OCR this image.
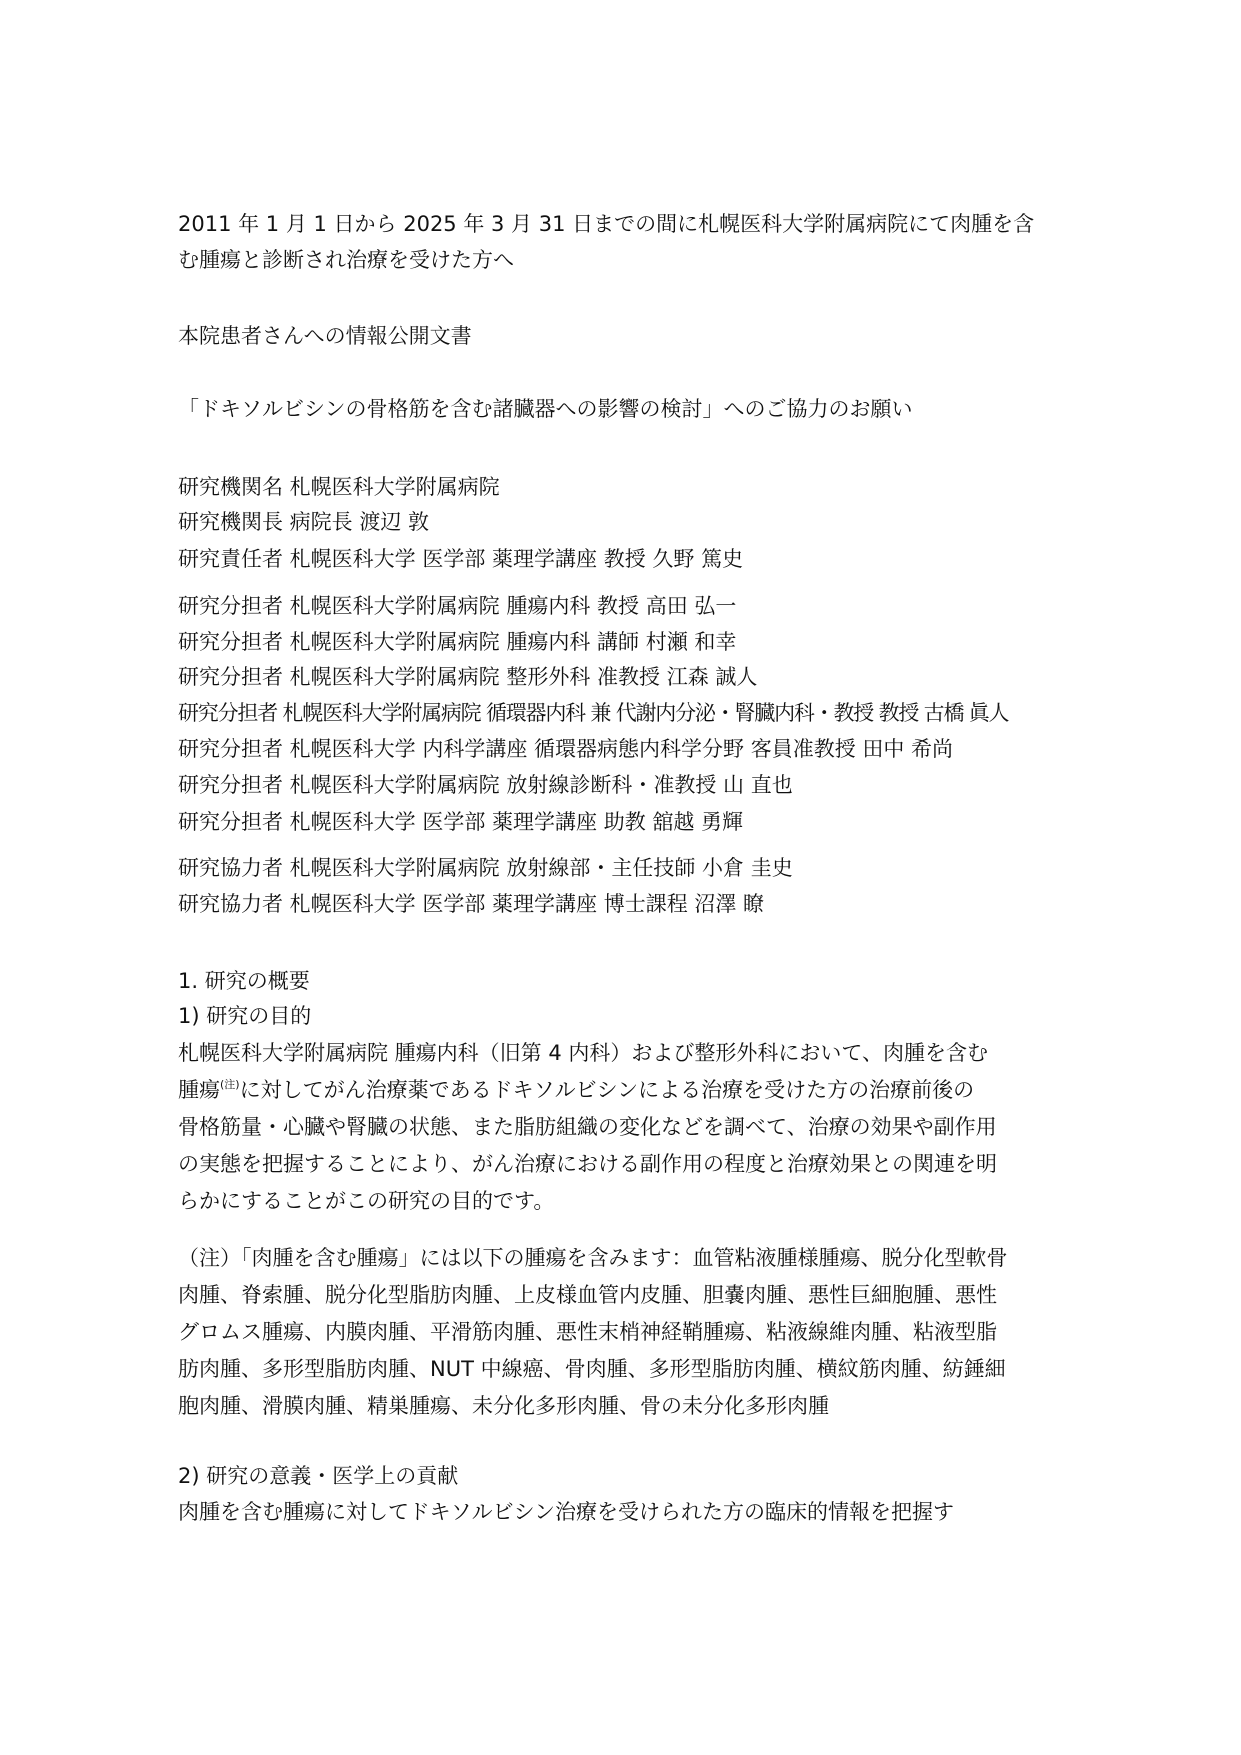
2011 年 1 月 1 日から 2025 年 3 月 31 日までの間に札幌医科大学附属病院にて肉腫を含
む腫瘍と診断され治療を受けた方へ
本院患者さんへの情報公開文書
「ドキソルビシンの骨格筋を含む諸臓器への影響の検討」へのご協力のお願い
研究機関名 札幌医科大学附属病院
研究機関長 病院長 渡辺 敦
研究責任者 札幌医科大学 医学部 薬理学講座 教授 久野 篤史
研究分担者 札幌医科大学附属病院 腫瘍内科 教授 高田 弘一
研究分担者 札幌医科大学附属病院 腫瘍内科 講師 村瀬 和幸
研究分担者 札幌医科大学附属病院 整形外科 准教授 江森 誠人
研究分担者 札幌医科大学附属病院 循環器内科 兼 代謝内分泌・腎臓内科・教授 教授 古橋 眞人
研究分担者 札幌医科大学 内科学講座 循環器病態内科学分野 客員准教授 田中 希尚
研究分担者 札幌医科大学附属病院 放射線診断科・准教授 山 直也
研究分担者 札幌医科大学 医学部 薬理学講座 助教 舘越 勇輝
研究協力者 札幌医科大学附属病院 放射線部・主任技師 小倉 圭史
研究協力者 札幌医科大学 医学部 薬理学講座 博士課程 沼澤 瞭
1. 研究の概要
1) 研究の目的
札幌医科大学附属病院 腫瘍内科（旧第 4 内科）および整形外科において、肉腫を含む
腫瘍$^{(注)}$に対してがん治療薬であるドキソルビシンによる治療を受けた方の治療前後の
骨格筋量・心臓や腎臓の状態、また脂肪組織の変化などを調べて、治療の効果や副作用
の実態を把握することにより、がん治療における副作用の程度と治療効果との関連を明
らかにすることがこの研究の目的です。
（注）「肉腫を含む腫瘍」には以下の腫瘍を含みます：血管粘液腫様腫瘍、脱分化型軟骨
肉腫、脊索腫、脱分化型脂肪肉腫、上皮様血管内皮腫、胆嚢肉腫、悪性巨細胞腫、悪性
グロムス腫瘍、内膜肉腫、平滑筋肉腫、悪性末梢神経鞘腫瘍、粘液線維肉腫、粘液型脂
肪肉腫、多形型脂肪肉腫、NUT 中線癌、骨肉腫、多形型脂肪肉腫、横紋筋肉腫、紡錘細
胞肉腫、滑膜肉腫、精巣腫瘍、未分化多形肉腫、骨の未分化多形肉腫
2) 研究の意義・医学上の貢献
肉腫を含む腫瘍に対してドキソルビシン治療を受けられた方の臨床的情報を把握す
